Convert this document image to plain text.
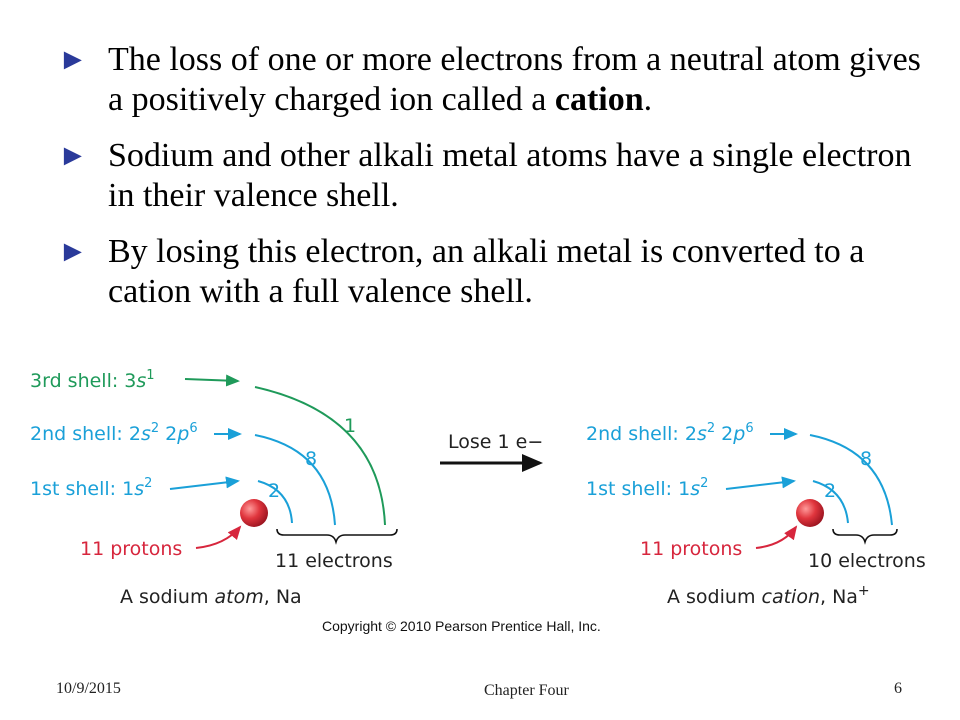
► The loss of one or more electrons from a neutral atom gives a positively charged ion called a cation.
► Sodium and other alkali metal atoms have a single electron in their valence shell.
► By losing this electron, an alkali metal is converted to a cation with a full valence shell.
3rd shell: $3s^1$
2nd shell: $2s^2$ $2p^6$
1st shell: $1s^2$
1
8
2
11 protons
11 electrons
A sodium atom, Na
Lose 1 e− 2nd shell: $2s^2$ $2p^6$
1st shell: $1s^2$
8
2
11 protons
10 electrons
A sodium cation, Na+
Copyright © 2010 Pearson Prentice Hall, Inc.
10/9/2015	Chapter Four	6
